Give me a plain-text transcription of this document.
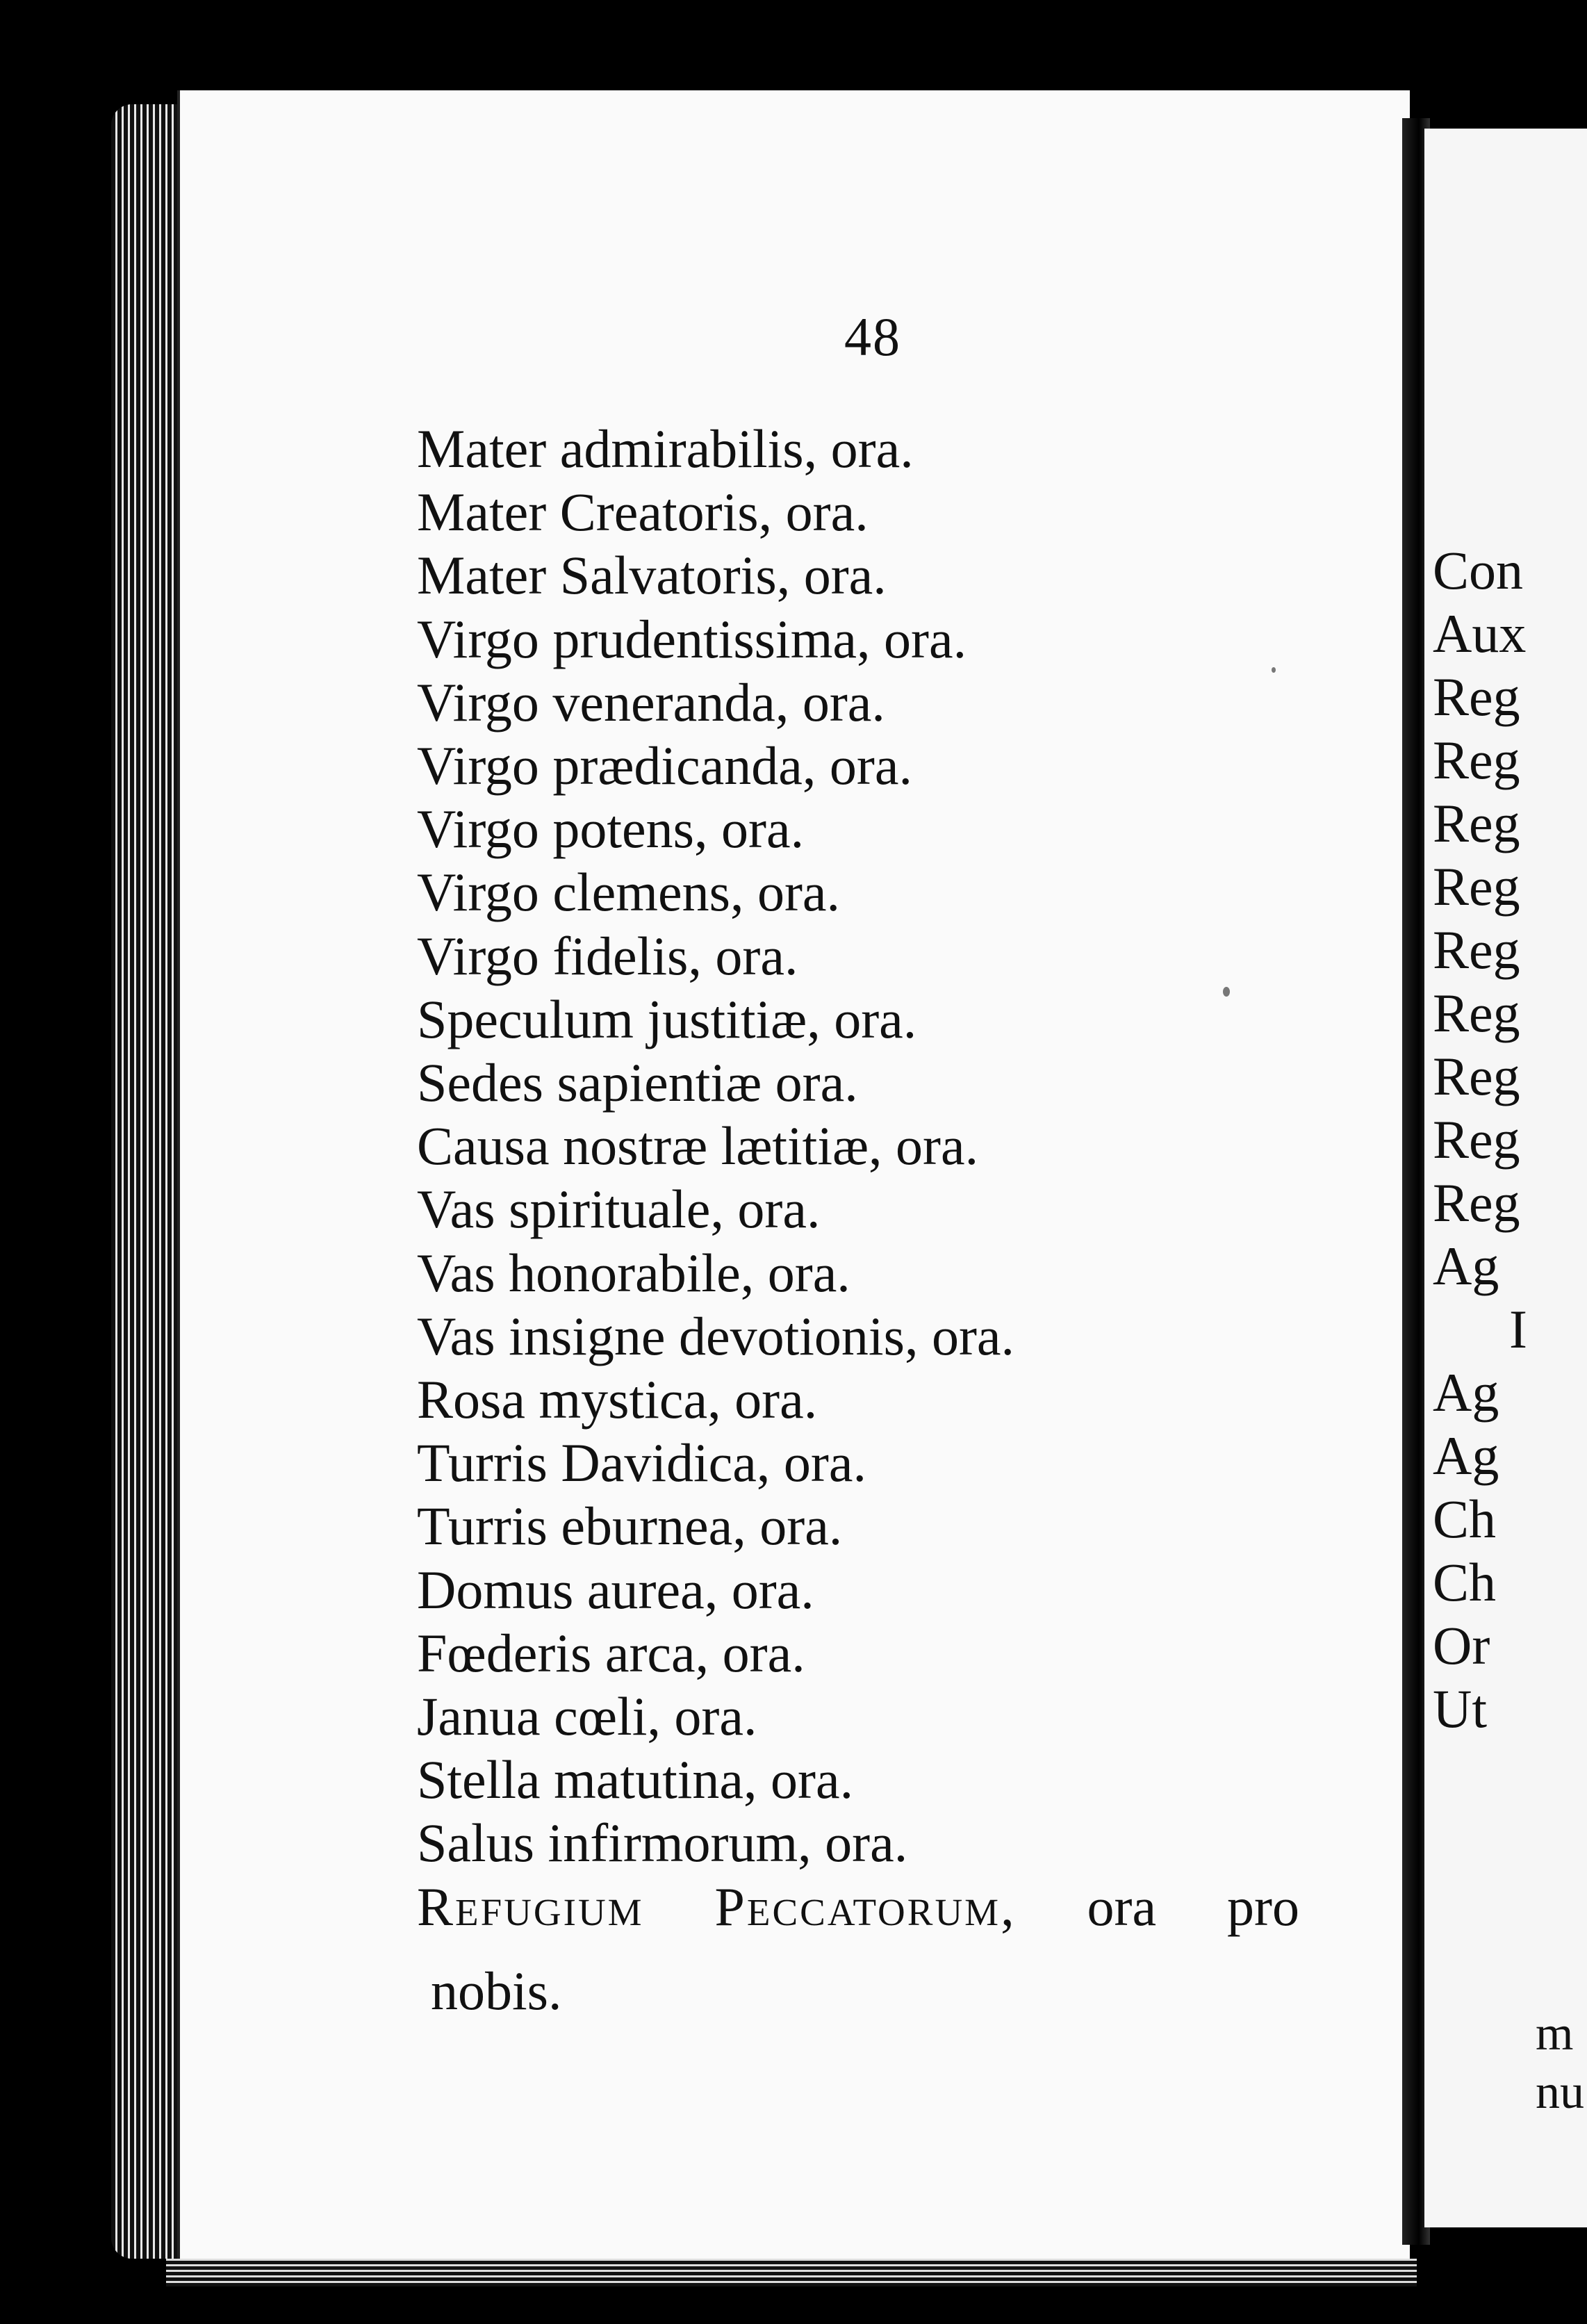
Con
Aux
Reg
Reg
Reg
Reg
Reg
Reg
Reg
Reg
Reg
Ag
I
Ag
Ag
Ch
Ch
Or
Ut
m
nu
48
Mater admirabilis, ora.
Mater Creatoris, ora.
Mater Salvatoris, ora.
Virgo prudentissima, ora.
Virgo veneranda, ora.
Virgo prædicanda, ora.
Virgo potens, ora.
Virgo clemens, ora.
Virgo fidelis, ora.
Speculum justitiæ, ora.
Sedes sapientiæ ora.
Causa nostræ lætitiæ, ora.
Vas spirituale, ora.
Vas honorabile, ora.
Vas insigne devotionis, ora.
Rosa mystica, ora.
Turris Davidica, ora.
Turris eburnea, ora.
Domus aurea, ora.
Fœderis arca, ora.
Janua cœli, ora.
Stella matutina, ora.
Salus infirmorum, ora.
Refugium Peccatorum, ora pro
nobis.
